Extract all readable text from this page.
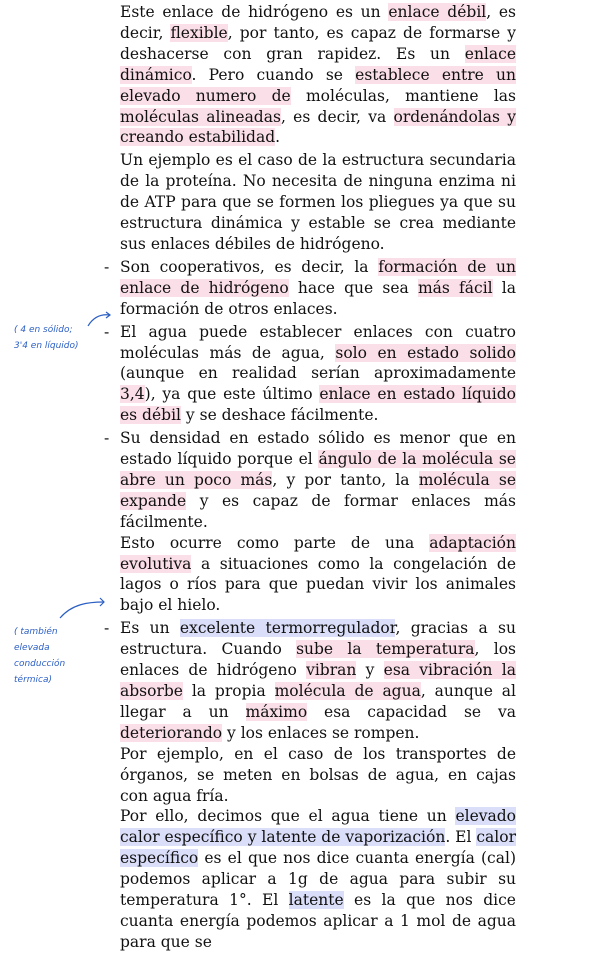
Este enlace de hidrógeno es un enlace débil, es decir, flexible, por tanto, es capaz de formarse y deshacerse con gran rapidez. Es un enlace dinámico. Pero cuando se establece entre un elevado numero de moléculas, mantiene las moléculas alineadas, es decir, va ordenándolas y creando estabilidad.

Un ejemplo es el caso de la estructura secundaria de la proteína. No necesita de ninguna enzima ni de ATP para que se formen los pliegues ya que su estructura dinámica y estable se crea mediante sus enlaces débiles de hidrógeno.

- Son cooperativos, es decir, la formación de un enlace de hidrógeno hace que sea más fácil la formación de otros enlaces.
- El agua puede establecer enlaces con cuatro moléculas más de agua, solo en estado solido (aunque en realidad serían aproximadamente 3,4), ya que este último enlace en estado líquido es débil y se deshace fácilmente.
- Su densidad en estado sólido es menor que en estado líquido porque el ángulo de la molécula se abre un poco más, y por tanto, la molécula se expande y es capaz de formar enlaces más fácilmente.
Esto ocurre como parte de una adaptación evolutiva a situaciones como la congelación de lagos o ríos para que puedan vivir los animales bajo el hielo.
- Es un excelente termorregulador, gracias a su estructura. Cuando sube la temperatura, los enlaces de hidrógeno vibran y esa vibración la absorbe la propia molécula de agua, aunque al llegar a un máximo esa capacidad se va deteriorando y los enlaces se rompen.
Por ejemplo, en el caso de los transportes de órganos, se meten en bolsas de agua, en cajas con agua fría.
Por ello, decimos que el agua tiene un elevado calor específico y latente de vaporización. El calor específico es el que nos dice cuanta energía (cal) podemos aplicar a 1g de agua para subir su temperatura 1°. El latente es la que nos dice cuanta energía podemos aplicar a 1 mol de agua para que se
( 4 en sólido;
3'4 en líquido)
( también
elevada
conducción
térmica)
